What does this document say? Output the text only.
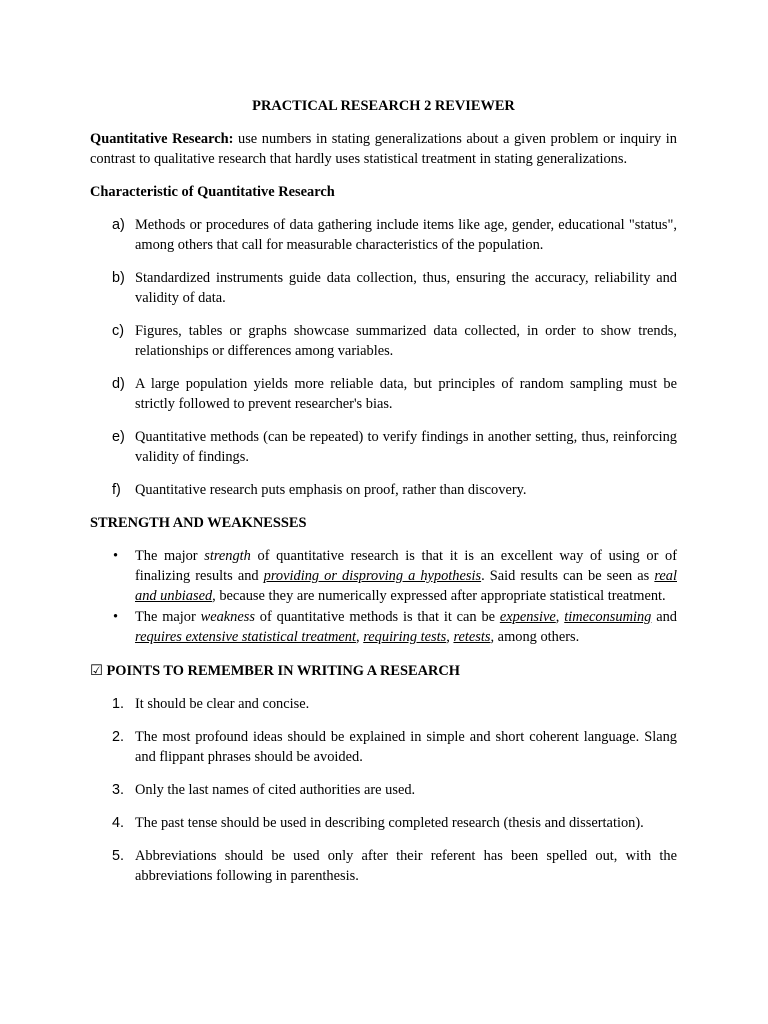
PRACTICAL RESEARCH 2 REVIEWER

Quantitative Research: use numbers in stating generalizations about a given problem or inquiry in contrast to qualitative research that hardly uses statistical treatment in stating generalizations.

Characteristic of Quantitative Research
a) Methods or procedures of data gathering include items like age, gender, educational "status", among others that call for measurable characteristics of the population.
b) Standardized instruments guide data collection, thus, ensuring the accuracy, reliability and validity of data.
c) Figures, tables or graphs showcase summarized data collected, in order to show trends, relationships or differences among variables.
d) A large population yields more reliable data, but principles of random sampling must be strictly followed to prevent researcher's bias.
e) Quantitative methods (can be repeated) to verify findings in another setting, thus, reinforcing validity of findings.
f) Quantitative research puts emphasis on proof, rather than discovery.
STRENGTH AND WEAKNESSES
• The major strength of quantitative research is that it is an excellent way of using or of finalizing results and providing or disproving a hypothesis. Said results can be seen as real and unbiased, because they are numerically expressed after appropriate statistical treatment.
• The major weakness of quantitative methods is that it can be expensive, timeconsuming and requires extensive statistical treatment, requiring tests, retests, among others.
☑ POINTS TO REMEMBER IN WRITING A RESEARCH
1. It should be clear and concise.
2. The most profound ideas should be explained in simple and short coherent language. Slang and flippant phrases should be avoided.
3. Only the last names of cited authorities are used.
4. The past tense should be used in describing completed research (thesis and dissertation).
5. Abbreviations should be used only after their referent has been spelled out, with the abbreviations following in parenthesis.
